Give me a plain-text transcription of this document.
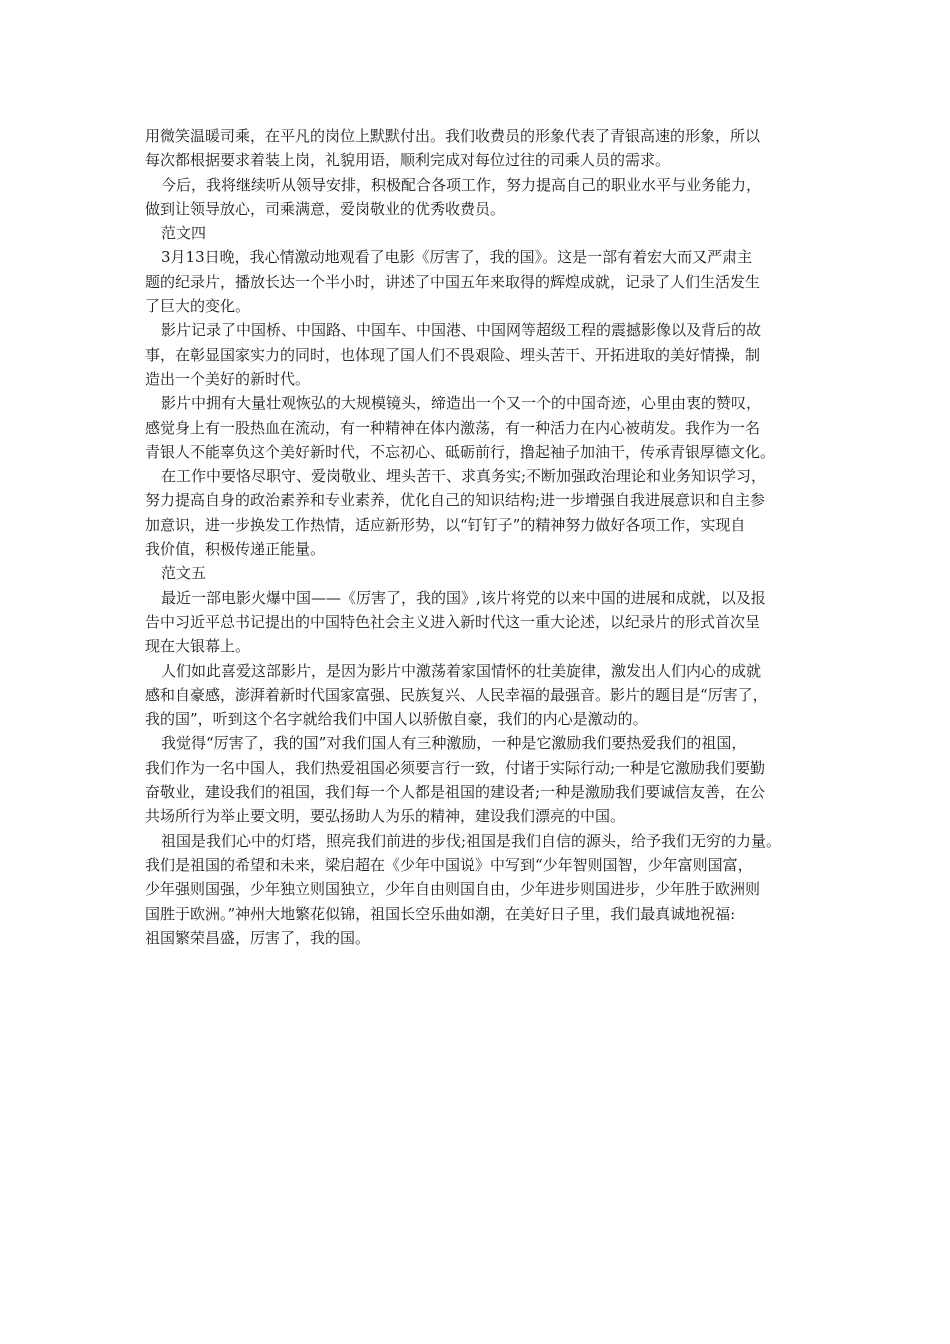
用微笑温暖司乘，在平凡的岗位上默默付出。我们收费员的形象代表了青银高速的形象，所以
每次都根据要求着装上岗，礼貌用语，顺利完成对每位过往的司乘人员的需求。
今后，我将继续听从领导安排，积极配合各项工作，努力提高自己的职业水平与业务能力，
做到让领导放心，司乘满意，爱岗敬业的优秀收费员。
范文四
3月13日晚，我心情激动地观看了电影《厉害了，我的国》。这是一部有着宏大而又严肃主
题的纪录片，播放长达一个半小时，讲述了中国五年来取得的辉煌成就，记录了人们生活发生
了巨大的变化。
影片记录了中国桥、中国路、中国车、中国港、中国网等超级工程的震撼影像以及背后的故
事，在彰显国家实力的同时，也体现了国人们不畏艰险、埋头苦干、开拓进取的美好情操，制
造出一个美好的新时代。
影片中拥有大量壮观恢弘的大规模镜头，缔造出一个又一个的中国奇迹，心里由衷的赞叹，
感觉身上有一股热血在流动，有一种精神在体内激荡，有一种活力在内心被萌发。我作为一名
青银人不能辜负这个美好新时代，不忘初心、砥砺前行，撸起袖子加油干，传承青银厚德文化。
在工作中要恪尽职守、爱岗敬业、埋头苦干、求真务实;不断加强政治理论和业务知识学习，
努力提高自身的政治素养和专业素养，优化自己的知识结构;进一步增强自我进展意识和自主参
加意识，进一步换发工作热情，适应新形势，以“钉钉子”的精神努力做好各项工作，实现自
我价值，积极传递正能量。
范文五
最近一部电影火爆中国——《厉害了，我的国》,该片将党的以来中国的进展和成就，以及报
告中习近平总书记提出的中国特色社会主义进入新时代这一重大论述，以纪录片的形式首次呈
现在大银幕上。
人们如此喜爱这部影片，是因为影片中激荡着家国情怀的壮美旋律，激发出人们内心的成就
感和自豪感，澎湃着新时代国家富强、民族复兴、人民幸福的最强音。影片的题目是“厉害了，
我的国”，听到这个名字就给我们中国人以骄傲自豪，我们的内心是激动的。
我觉得“厉害了，我的国”对我们国人有三种激励，一种是它激励我们要热爱我们的祖国，
我们作为一名中国人，我们热爱祖国必须要言行一致，付诸于实际行动;一种是它激励我们要勤
奋敬业，建设我们的祖国，我们每一个人都是祖国的建设者;一种是激励我们要诚信友善，在公
共场所行为举止要文明，要弘扬助人为乐的精神，建设我们漂亮的中国。
祖国是我们心中的灯塔，照亮我们前进的步伐;祖国是我们自信的源头，给予我们无穷的力量。
我们是祖国的希望和未来，梁启超在《少年中国说》中写到“少年智则国智，少年富则国富，
少年强则国强，少年独立则国独立，少年自由则国自由，少年进步则国进步，少年胜于欧洲则
国胜于欧洲。”神州大地繁花似锦，祖国长空乐曲如潮，在美好日子里，我们最真诚地祝福:
祖国繁荣昌盛，厉害了，我的国。
